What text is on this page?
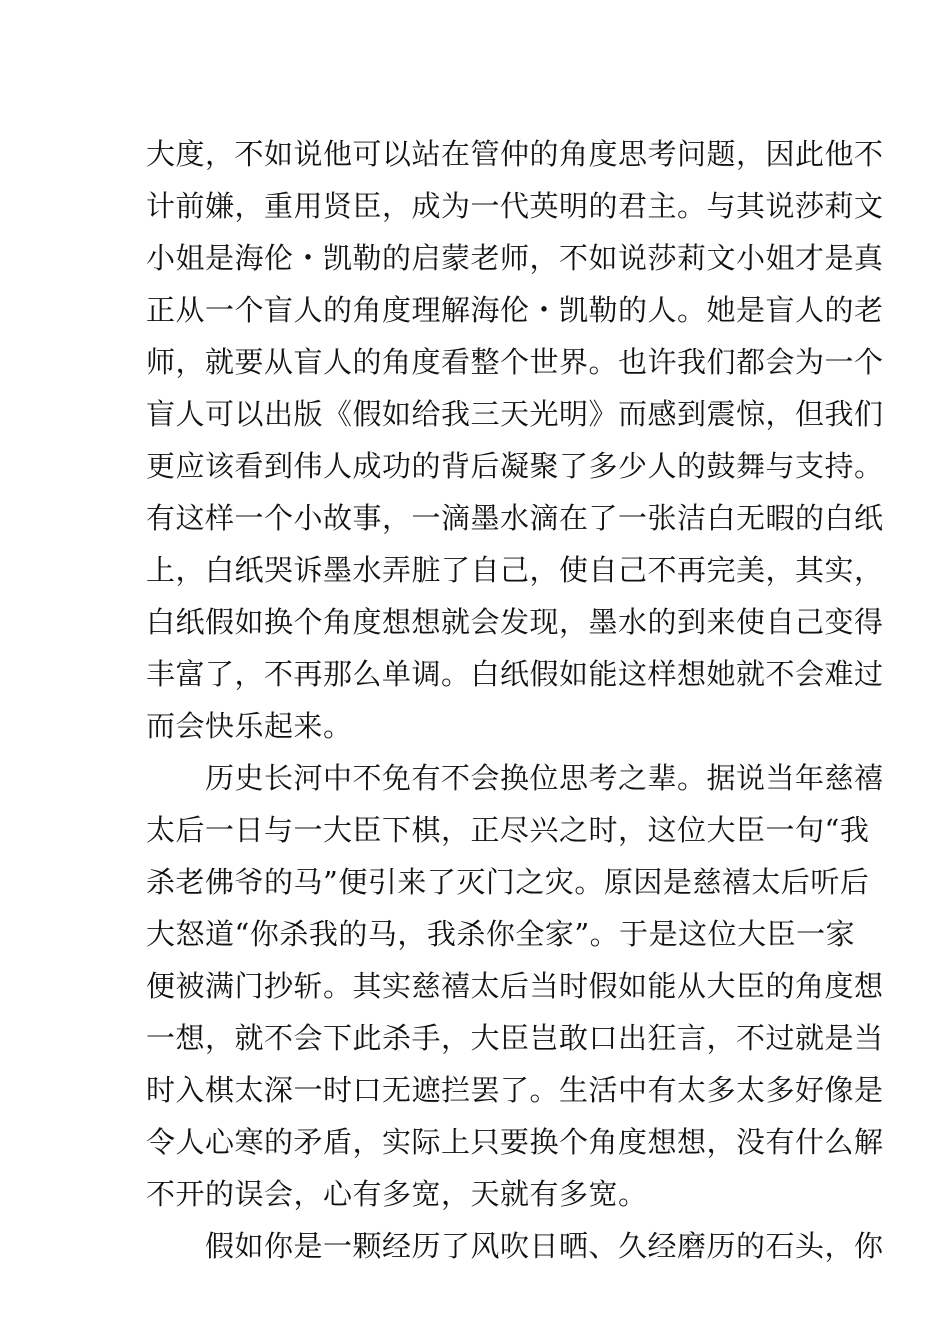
大度，不如说他可以站在管仲的角度思考问题，因此他不
计前嫌，重用贤臣，成为一代英明的君主。与其说莎莉文
小姐是海伦・凯勒的启蒙老师，不如说莎莉文小姐才是真
正从一个盲人的角度理解海伦・凯勒的人。她是盲人的老
师，就要从盲人的角度看整个世界。也许我们都会为一个
盲人可以出版《假如给我三天光明》而感到震惊，但我们
更应该看到伟人成功的背后凝聚了多少人的鼓舞与支持。
有这样一个小故事，一滴墨水滴在了一张洁白无暇的白纸
上，白纸哭诉墨水弄脏了自己，使自己不再完美，其实，
白纸假如换个角度想想就会发现，墨水的到来使自己变得
丰富了，不再那么单调。白纸假如能这样想她就不会难过
而会快乐起来。
　　历史长河中不免有不会换位思考之辈。据说当年慈禧
太后一日与一大臣下棋，正尽兴之时，这位大臣一句“我
杀老佛爷的马”便引来了灭门之灾。原因是慈禧太后听后
大怒道“你杀我的马，我杀你全家”。于是这位大臣一家
便被满门抄斩。其实慈禧太后当时假如能从大臣的角度想
一想，就不会下此杀手，大臣岂敢口出狂言，不过就是当
时入棋太深一时口无遮拦罢了。生活中有太多太多好像是
令人心寒的矛盾，实际上只要换个角度想想，没有什么解
不开的误会，心有多宽，天就有多宽。
　　假如你是一颗经历了风吹日晒、久经磨历的石头，你
